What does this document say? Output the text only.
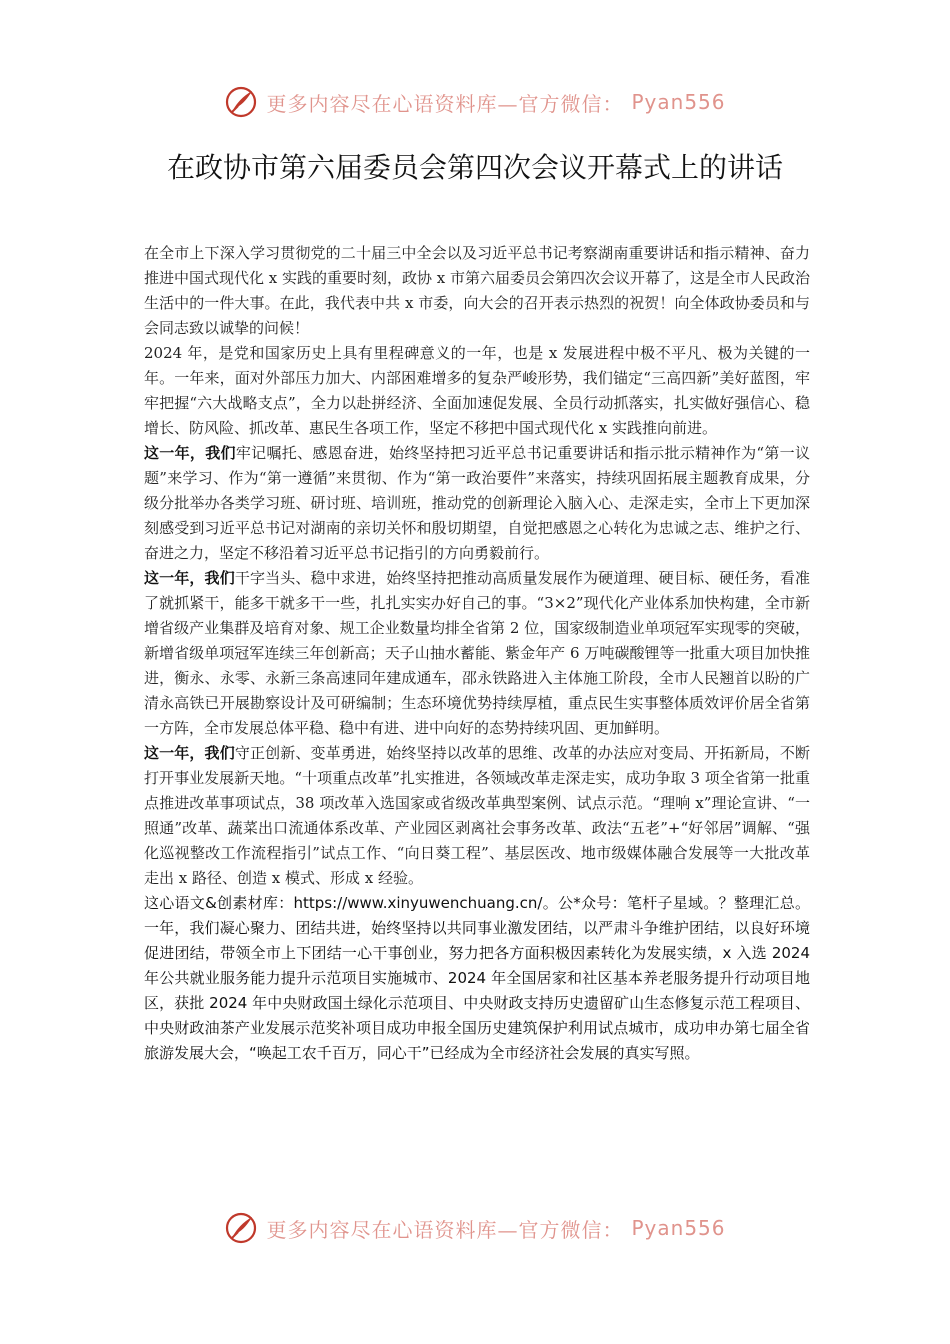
更多内容尽在心语资料库—官方微信： Pyan556
在政协市第六届委员会第四次会议开幕式上的讲话

在全市上下深入学习贯彻党的二十届三中全会以及习近平总书记考察湖南重要讲话和指示精神、奋力推进中国式现代化 x 实践的重要时刻，政协 x 市第六届委员会第四次会议开幕了，这是全市人民政治生活中的一件大事。在此，我代表中共 x 市委，向大会的召开表示热烈的祝贺！向全体政协委员和与会同志致以诚挚的问候！

2024 年，是党和国家历史上具有里程碑意义的一年，也是 x 发展进程中极不平凡、极为关键的一年。一年来，面对外部压力加大、内部困难增多的复杂严峻形势，我们锚定“三高四新”美好蓝图，牢牢把握“六大战略支点”，全力以赴拼经济、全面加速促发展、全员行动抓落实，扎实做好强信心、稳增长、防风险、抓改革、惠民生各项工作，坚定不移把中国式现代化 x 实践推向前进。

这一年，我们牢记嘱托、感恩奋进，始终坚持把习近平总书记重要讲话和指示批示精神作为“第一议题”来学习、作为“第一遵循”来贯彻、作为“第一政治要件”来落实，持续巩固拓展主题教育成果，分级分批举办各类学习班、研讨班、培训班，推动党的创新理论入脑入心、走深走实，全市上下更加深刻感受到习近平总书记对湖南的亲切关怀和殷切期望，自觉把感恩之心转化为忠诚之志、维护之行、奋进之力，坚定不移沿着习近平总书记指引的方向勇毅前行。

这一年，我们干字当头、稳中求进，始终坚持把推动高质量发展作为硬道理、硬目标、硬任务，看准了就抓紧干，能多干就多干一些，扎扎实实办好自己的事。“3×2”现代化产业体系加快构建，全市新增省级产业集群及培育对象、规工企业数量均排全省第 2 位，国家级制造业单项冠军实现零的突破，新增省级单项冠军连续三年创新高；天子山抽水蓄能、紫金年产 6 万吨碳酸锂等一批重大项目加快推进，衡永、永零、永新三条高速同年建成通车，邵永铁路进入主体施工阶段，全市人民翘首以盼的广清永高铁已开展勘察设计及可研编制；生态环境优势持续厚植，重点民生实事整体质效评价居全省第一方阵，全市发展总体平稳、稳中有进、进中向好的态势持续巩固、更加鲜明。

这一年，我们守正创新、变革勇进，始终坚持以改革的思维、改革的办法应对变局、开拓新局，不断打开事业发展新天地。“十项重点改革”扎实推进，各领域改革走深走实，成功争取 3 项全省第一批重点推进改革事项试点，38 项改革入选国家或省级改革典型案例、试点示范。“理响 x”理论宣讲、“一照通”改革、蔬菜出口流通体系改革、产业园区剥离社会事务改革、政法“五老”+“好邻居”调解、“强化巡视整改工作流程指引”试点工作、“向日葵工程”、基层医改、地市级媒体融合发展等一大批改革走出 x 路径、创造 x 模式、形成 x 经验。

这心语文&创素材库：https://www.xinyuwenchuang.cn/。公*众号：笔杆子星域。？整理汇总。一年，我们凝心聚力、团结共进，始终坚持以共同事业激发团结，以严肃斗争维护团结，以良好环境促进团结，带领全市上下团结一心干事创业，努力把各方面积极因素转化为发展实绩，x 入选 2024 年公共就业服务能力提升示范项目实施城市、2024 年全国居家和社区基本养老服务提升行动项目地区，获批 2024 年中央财政国土绿化示范项目、中央财政支持历史遗留矿山生态修复示范工程项目、中央财政油茶产业发展示范奖补项目成功申报全国历史建筑保护利用试点城市，成功申办第七届全省旅游发展大会，“唤起工农千百万，同心干”已经成为全市经济社会发展的真实写照。

更多内容尽在心语资料库—官方微信： Pyan556
